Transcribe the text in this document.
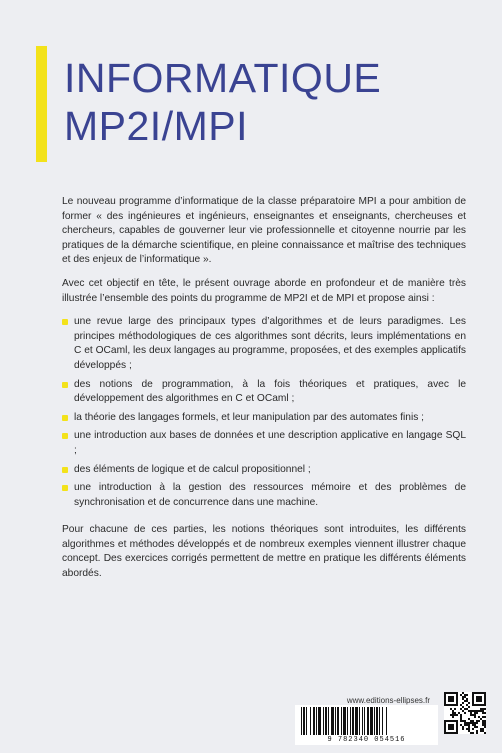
INFORMATIQUE
MP2I/MPI

Le nouveau programme d’informatique de la classe préparatoire MPI a pour ambition de former « des ingénieures et ingénieurs, enseignantes et enseignants, chercheuses et chercheurs, capables de gouverner leur vie professionnelle et citoyenne nourrie par les pratiques de la démarche scientifique, en pleine connaissance et maîtrise des techniques et des enjeux de l’informatique ».

Avec cet objectif en tête, le présent ouvrage aborde en profondeur et de manière très illustrée l’ensemble des points du programme de MP2I et de MPI et propose ainsi :

une revue large des principaux types d’algorithmes et de leurs paradigmes. Les principes méthodologiques de ces algorithmes sont décrits, leurs implémentations en C et OCaml, les deux langages au programme, proposées, et des exemples applicatifs développés ;
des notions de programmation, à la fois théoriques et pratiques, avec le développement des algorithmes en C et OCaml ;
la théorie des langages formels, et leur manipulation par des automates finis ;
une introduction aux bases de données et une description applicative en langage SQL ;
des éléments de logique et de calcul propositionnel ;
une introduction à la gestion des ressources mémoire et des problèmes de synchronisation et de concurrence dans une machine.

Pour chacune de ces parties, les notions théoriques sont introduites, les différents algorithmes et méthodes développés et de nombreux exemples viennent illustrer chaque concept. Des exercices corrigés permettent de mettre en pratique les différents éléments abordés.

www.editions-ellipses.fr
9 782340 054516
